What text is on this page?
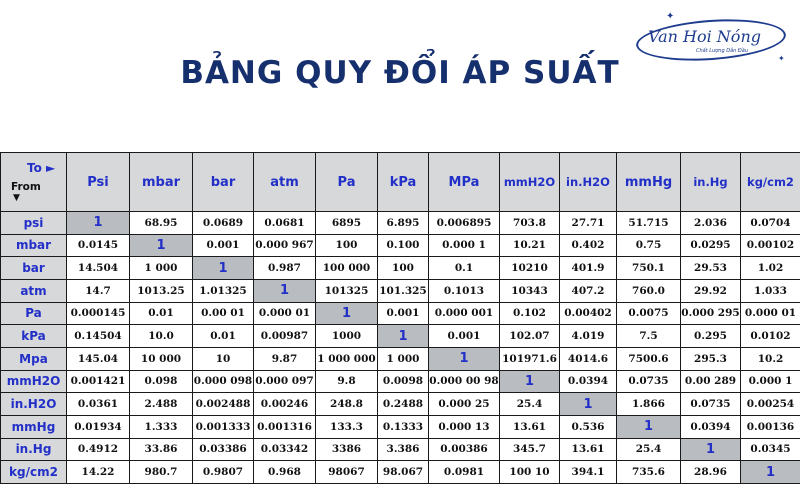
✦
✦
Van Hoi Nóng
Chất Lượng Dẫn Đầu
BẢNG QUY ĐỔI ÁP SUẤT
To ►
From
▼	Psi	mbar	bar	atm	Pa	kPa	MPa	mmH2O	in.H2O	mmHg	in.Hg	kg/cm2
psi	1	68.95	0.0689	0.0681	6895	6.895	0.006895	703.8	27.71	51.715	2.036	0.0704
mbar	0.0145	1	0.001	0.000 967	100	0.100	0.000 1	10.21	0.402	0.75	0.0295	0.00102
bar	14.504	1 000	1	0.987	100 000	100	0.1	10210	401.9	750.1	29.53	1.02
atm	14.7	1013.25	1.01325	1	101325	101.325	0.1013	10343	407.2	760.0	29.92	1.033
Pa	0.000145	0.01	0.00 01	0.000 01	1	0.001	0.000 001	0.102	0.00402	0.0075	0.000 295	0.000 01
kPa	0.14504	10.0	0.01	0.00987	1000	1	0.001	102.07	4.019	7.5	0.295	0.0102
Mpa	145.04	10 000	10	9.87	1 000 000	1 000	1	101971.6	4014.6	7500.6	295.3	10.2
mmH2O	0.001421	0.098	0.000 098	0.000 097	9.8	0.0098	0.000 00 98	1	0.0394	0.0735	0.00 289	0.000 1
in.H2O	0.0361	2.488	0.002488	0.00246	248.8	0.2488	0.000 25	25.4	1	1.866	0.0735	0.00254
mmHg	0.01934	1.333	0.001333	0.001316	133.3	0.1333	0.000 13	13.61	0.536	1	0.0394	0.00136
in.Hg	0.4912	33.86	0.03386	0.03342	3386	3.386	0.00386	345.7	13.61	25.4	1	0.0345
kg/cm2	14.22	980.7	0.9807	0.968	98067	98.067	0.0981	100 10	394.1	735.6	28.96	1
